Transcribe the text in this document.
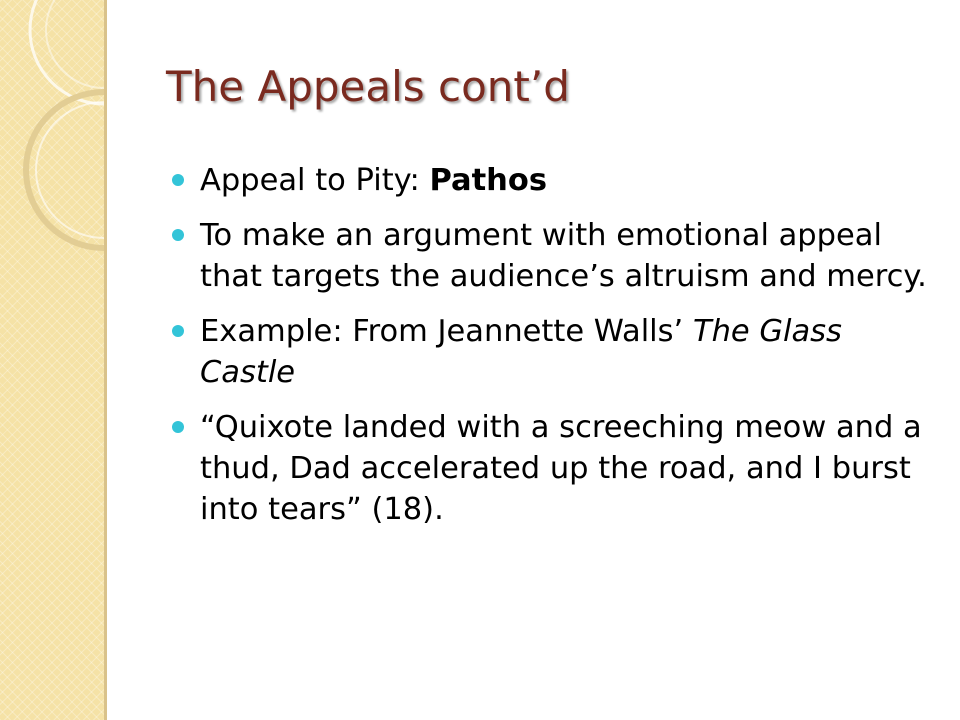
The Appeals cont’d
Appeal to Pity: Pathos
To make an argument with emotional appeal that targets the audience’s altruism and mercy.
Example: From Jeannette Walls’ The Glass Castle
“Quixote landed with a screeching meow and a thud, Dad accelerated up the road, and I burst into tears” (18).
